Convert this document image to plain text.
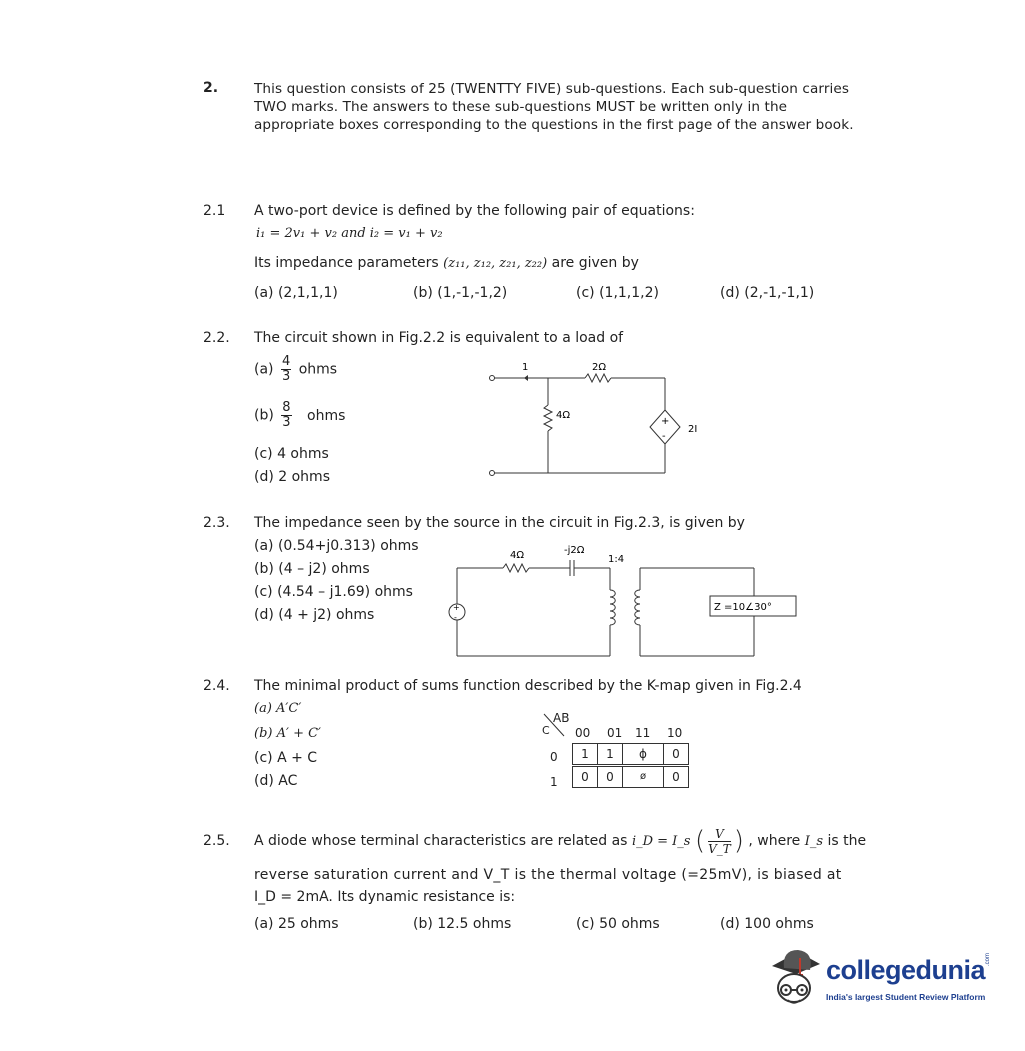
2.	This question consists of 25 (TWENTTY FIVE) sub-questions. Each sub-question carries TWO marks. The answers to these sub-questions MUST be written only in the appropriate boxes corresponding to the questions in the first page of the answer book.
2.1 A two-port device is defined by the following pair of equations:
i₁ = 2v₁ + v₂ and i₂ = v₁ + v₂
Its impedance parameters (z₁₁, z₁₂, z₂₁, z₂₂) are given by
(a) (2,1,1,1)	(b) (1,-1,-1,2)	(c) (1,1,1,2)	(d) (2,-1,-1,1)
2.2. The circuit shown in Fig.2.2 is equivalent to a load of
$(a) \frac{4}{3}$ ohms
$(b) \frac{8}{3}$ ohms
(c) 4 ohms
(d) 2 ohms
1	2Ω
4Ω
+
-
2I
2.3. The impedance seen by the source in the circuit in Fig.2.3, is given by
(a) (0.54+j0.313) ohms
(b) (4 – j2) ohms
(c) (4.54 – j1.69) ohms
(d) (4 + j2) ohms	+
-
4Ω	-j2Ω
1:4
Z =10∠30°
2.4. The minimal product of sums function described by the K-map given in Fig.2.4
(a) A′C′
(b) A′ + C′
(c) A + C
(d) AC
AB
C 00 01 11 10
0
1
1	1	ϕ	0
0	0	ø	0
2.5. A diode whose terminal characteristics are related as i_D = I_s ( $\frac{V}{V\_T}$ ) , where I_s is the
reverse saturation current and V_T is the thermal voltage (=25mV), is biased at
I_D = 2mA. Its dynamic resistance is:
(a) 25 ohms	(b) 12.5 ohms	(c) 50 ohms	(d) 100 ohms
collegedunia .com
India's largest Student Review Platform
